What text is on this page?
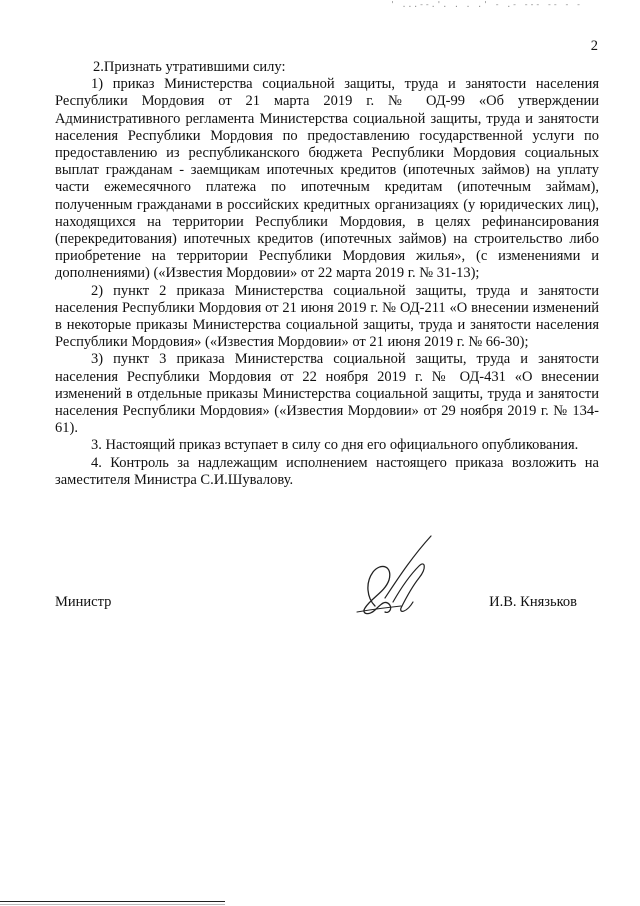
' ...--.'. . . .' - .- --- -- - -
2

2.Признать утратившими силу:

1) приказ Министерства социальной защиты, труда и занятости населения Республики Мордовия от 21 марта 2019 г. № ОД-99 «Об утверждении Административного регламента Министерства социальной защиты, труда и занятости населения Республики Мордовия по предоставлению государственной услуги по предоставлению из республиканского бюджета Республики Мордовия социальных выплат гражданам - заемщикам ипотечных кредитов (ипотечных займов) на уплату части ежемесячного платежа по ипотечным кредитам (ипотечным займам), полученным гражданами в российских кредитных организациях (у юридических лиц), находящихся на территории Республики Мордовия, в целях рефинансирования (перекредитования) ипотечных кредитов (ипотечных займов) на строительство либо приобретение на территории Республики Мордовия жилья», (с изменениями и дополнениями) («Известия Мордовии» от 22 марта 2019 г. № 31-13);

2) пункт 2 приказа Министерства социальной защиты, труда и занятости населения Республики Мордовия от 21 июня 2019 г. № ОД-211 «О внесении изменений в некоторые приказы Министерства социальной защиты, труда и занятости населения Республики Мордовия» («Известия Мордовии» от 21 июня 2019 г. № 66-30);

3) пункт 3 приказа Министерства социальной защиты, труда и занятости населения Республики Мордовия от 22 ноября 2019 г. № ОД-431 «О внесении изменений в отдельные приказы Министерства социальной защиты, труда и занятости населения Республики Мордовия» («Известия Мордовии» от 29 ноября 2019 г. № 134-61).

3. Настоящий приказ вступает в силу со дня его официального опубликования.

4. Контроль за надлежащим исполнением настоящего приказа возложить на заместителя Министра С.И.Шувалову.

Министр	И.В. Князьков
